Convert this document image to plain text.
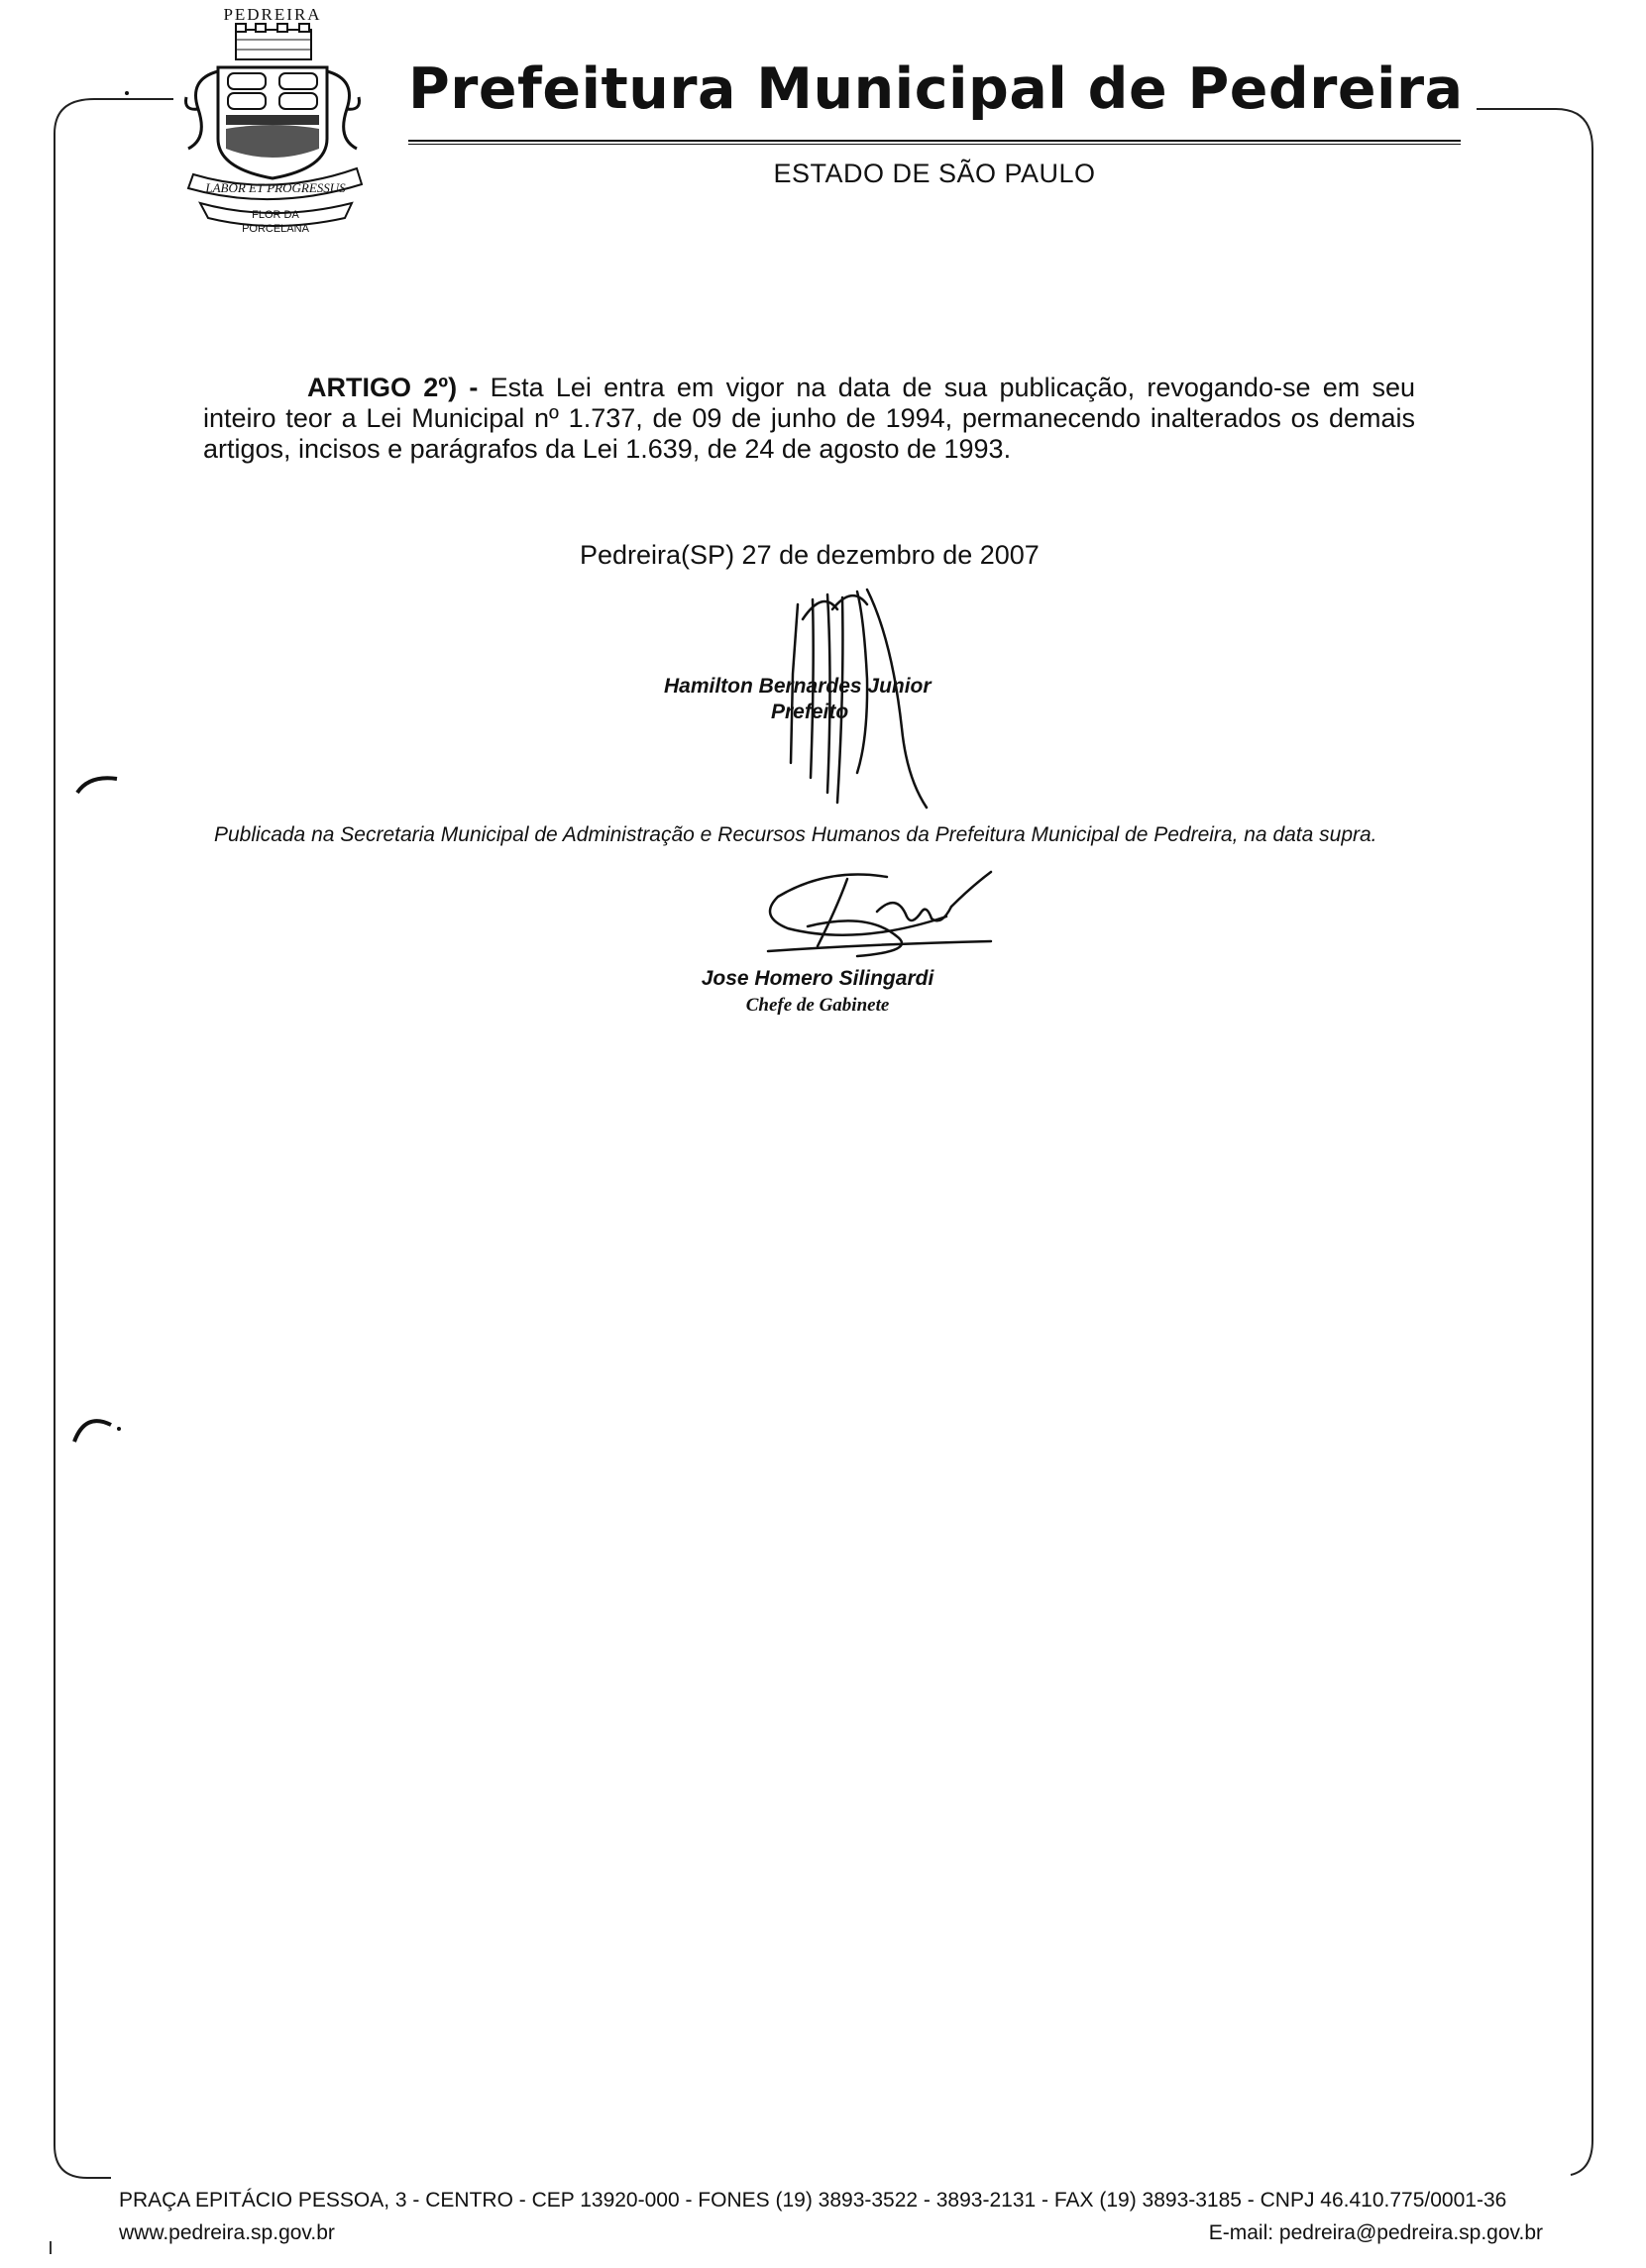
PEDREIRA
LABOR ET PROGRESSUS
FLOR DA
PORCELANA
Prefeitura Municipal de Pedreira
ESTADO DE SÃO PAULO
ARTIGO 2º) - Esta Lei entra em vigor na data de sua publicação, revogando-se em seu inteiro teor a Lei Municipal nº 1.737, de 09 de junho de 1994, permanecendo inalterados os demais artigos, incisos e parágrafos da Lei 1.639, de 24 de agosto de 1993.
Pedreira(SP) 27 de dezembro de 2007
Hamilton Bernardes Junior
Prefeito
Publicada na Secretaria Municipal de Administração e Recursos Humanos da Prefeitura Municipal de Pedreira, na data supra.
Jose Homero Silingardi
Chefe de Gabinete
PRAÇA EPITÁCIO PESSOA, 3 - CENTRO - CEP 13920-000 - FONES (19) 3893-3522 - 3893-2131 - FAX (19) 3893-3185 - CNPJ 46.410.775/0001-36
www.pedreira.sp.gov.br	E-mail: pedreira@pedreira.sp.gov.br
